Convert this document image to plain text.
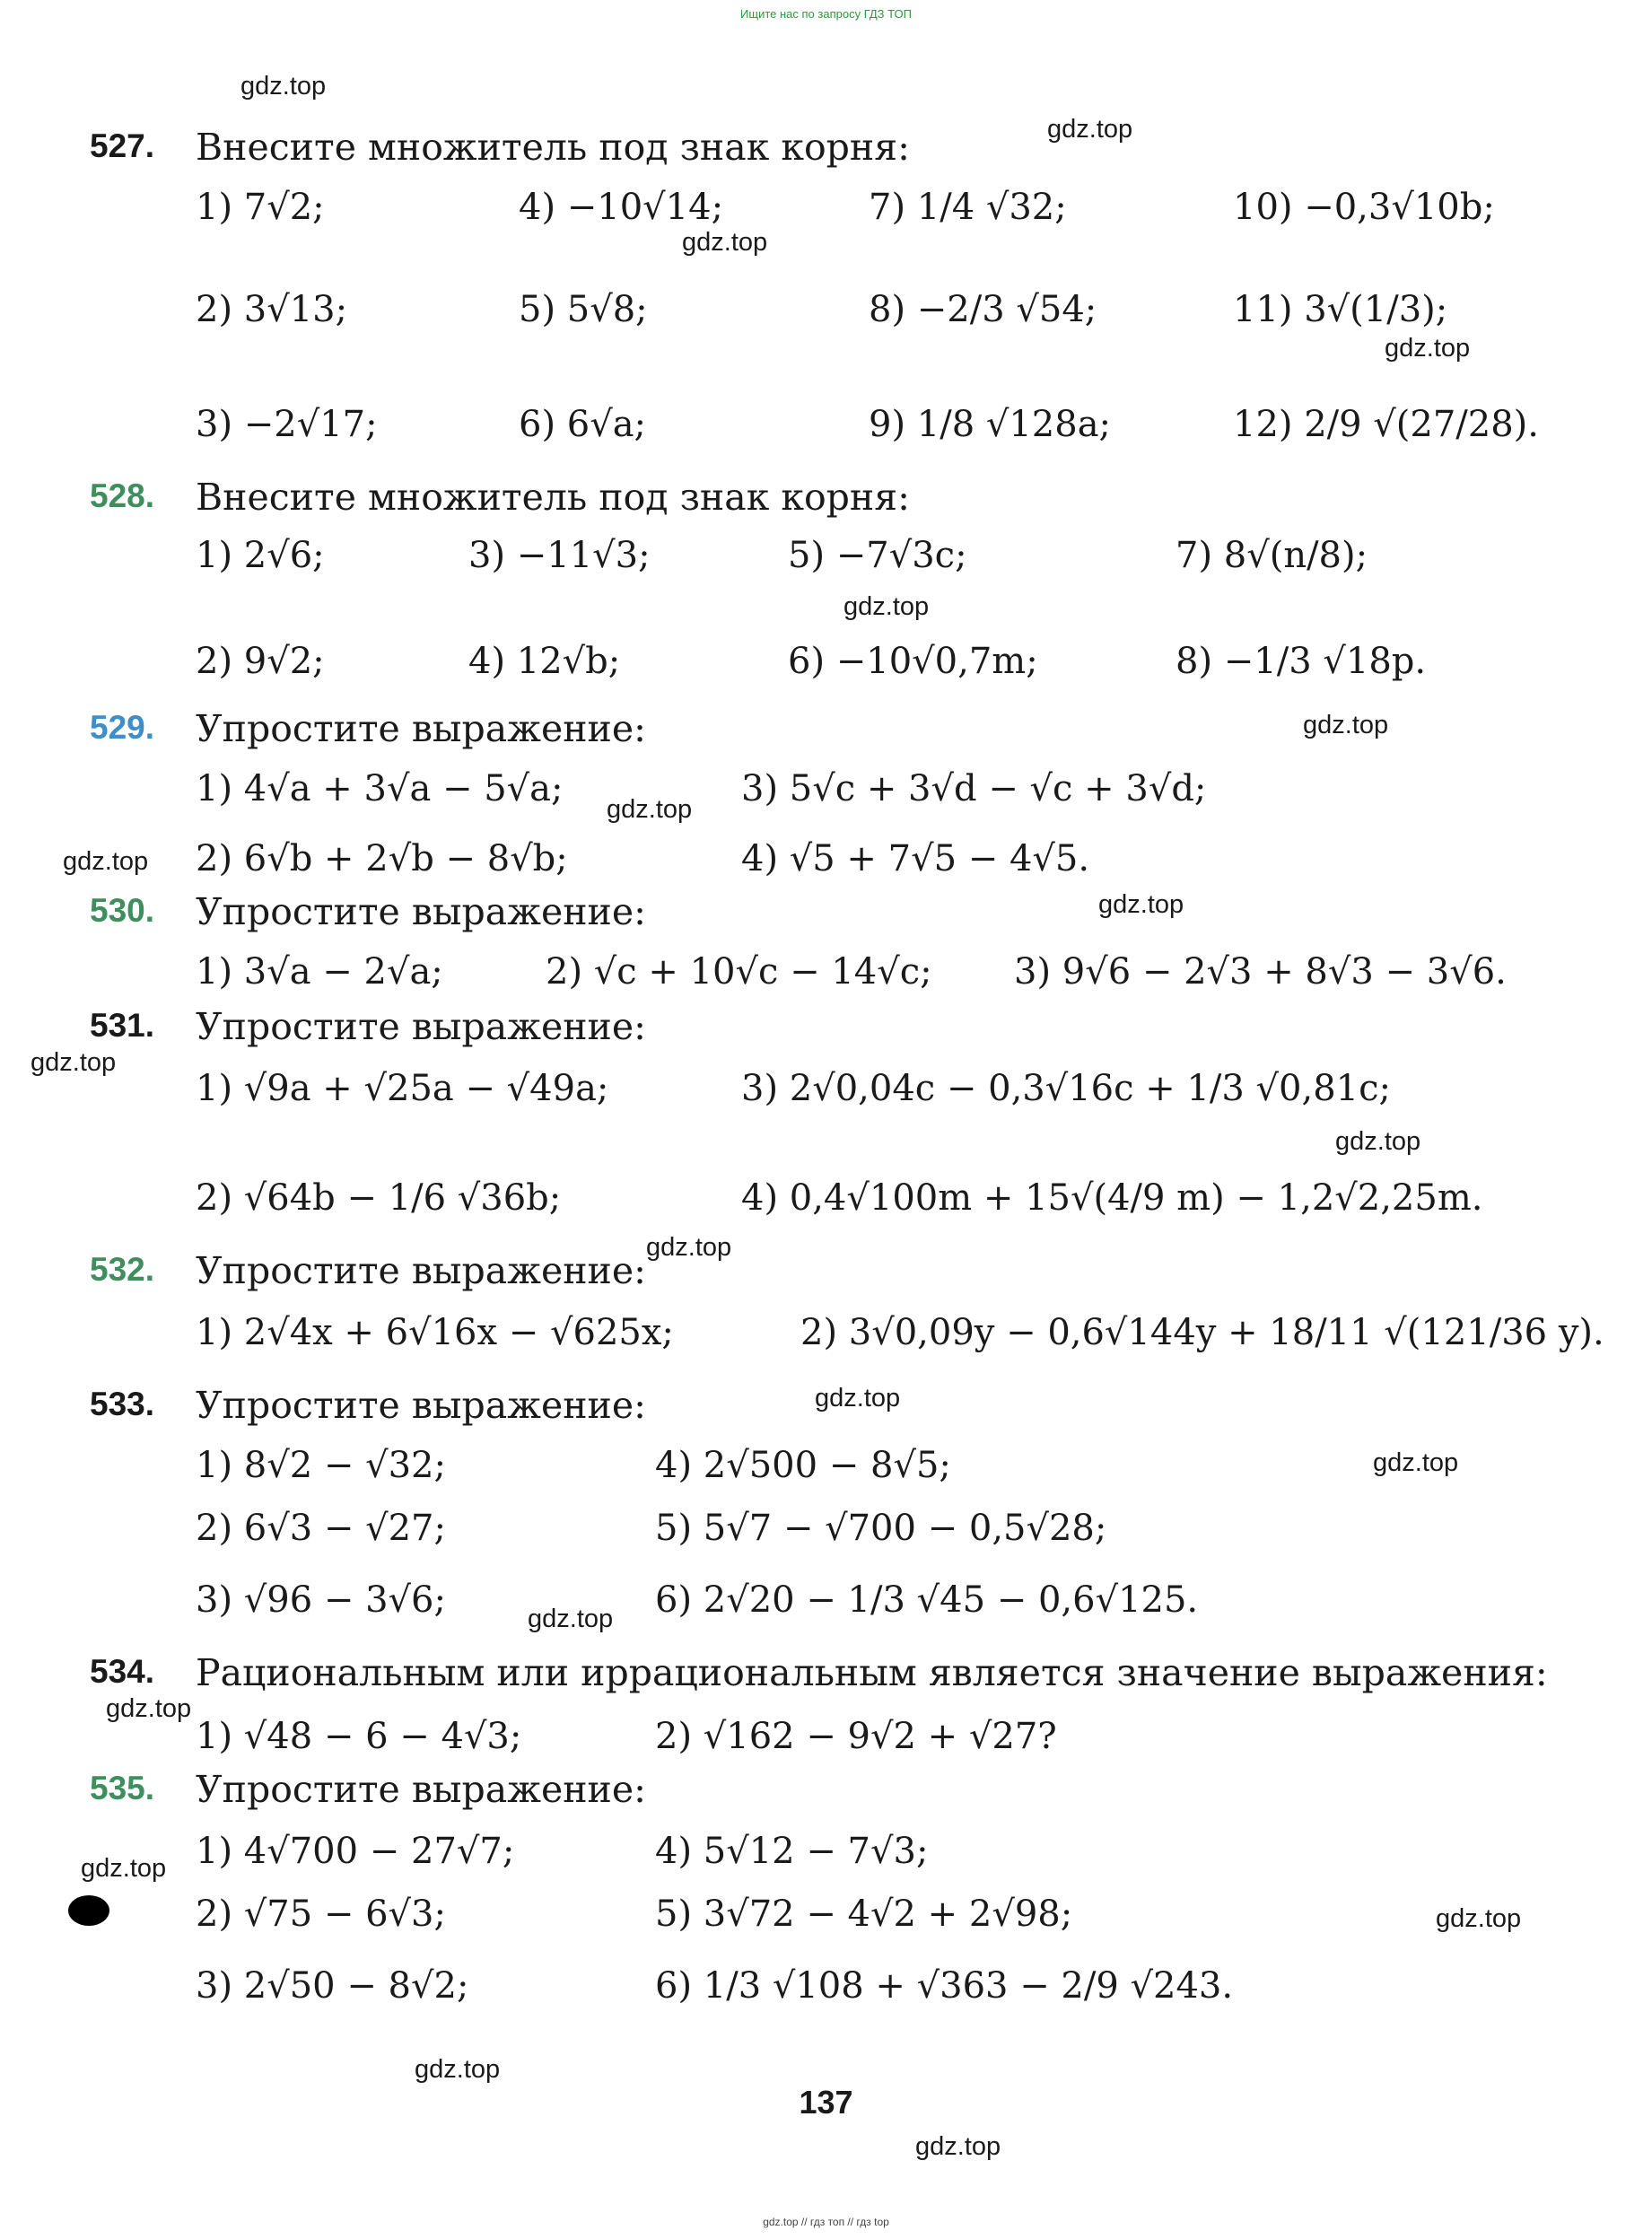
Ищите нас по запросу ГДЗ ТОП
gdz.top
gdz.top
gdz.top
gdz.top
gdz.top
gdz.top
gdz.top
gdz.top
gdz.top
gdz.top
gdz.top
gdz.top
gdz.top
gdz.top
gdz.top
gdz.top
gdz.top
gdz.top
gdz.top
gdz.top
527. Внесите множитель под знак корня:
1) 7√2;	4) −10√14;	7) 1/4 √32;	10) −0,3√10b;
2) 3√13;	5) 5√8;	8) −2/3 √54;	11) 3√(1/3);
3) −2√17;	6) 6√a;	9) 1/8 √128a;	12) 2/9 √(27/28).
528. Внесите множитель под знак корня:
1) 2√6;	3) −11√3;	5) −7√3c;	7) 8√(n/8);
2) 9√2;	4) 12√b;	6) −10√0,7m;	8) −1/3 √18p.
529. Упростите выражение:
1) 4√a + 3√a − 5√a;	3) 5√c + 3√d − √c + 3√d;
2) 6√b + 2√b − 8√b;	4) √5 + 7√5 − 4√5.
530. Упростите выражение:
1) 3√a − 2√a;	2) √c + 10√c − 14√c; 3) 9√6 − 2√3 + 8√3 − 3√6.
531. Упростите выражение:
1) √9a + √25a − √49a;	3) 2√0,04c − 0,3√16c + 1/3 √0,81c;
2) √64b − 1/6 √36b;	4) 0,4√100m + 15√(4/9 m) − 1,2√2,25m.
532. Упростите выражение:
1) 2√4x + 6√16x − √625x;	2) 3√0,09y − 0,6√144y + 18/11 √(121/36 y).
533. Упростите выражение:
1) 8√2 − √32;	4) 2√500 − 8√5;
2) 6√3 − √27;	5) 5√7 − √700 − 0,5√28;
3) √96 − 3√6;	6) 2√20 − 1/3 √45 − 0,6√125.
534. Рациональным или иррациональным является значение выражения:
1) √48 − 6 − 4√3;	2) √162 − 9√2 + √27?
535. Упростите выражение:
1) 4√700 − 27√7;	4) 5√12 − 7√3;
2) √75 − 6√3;	5) 3√72 − 4√2 + 2√98;
3) 2√50 − 8√2;	6) 1/3 √108 + √363 − 2/9 √243.
137
gdz.top // гдз топ // гдз top
